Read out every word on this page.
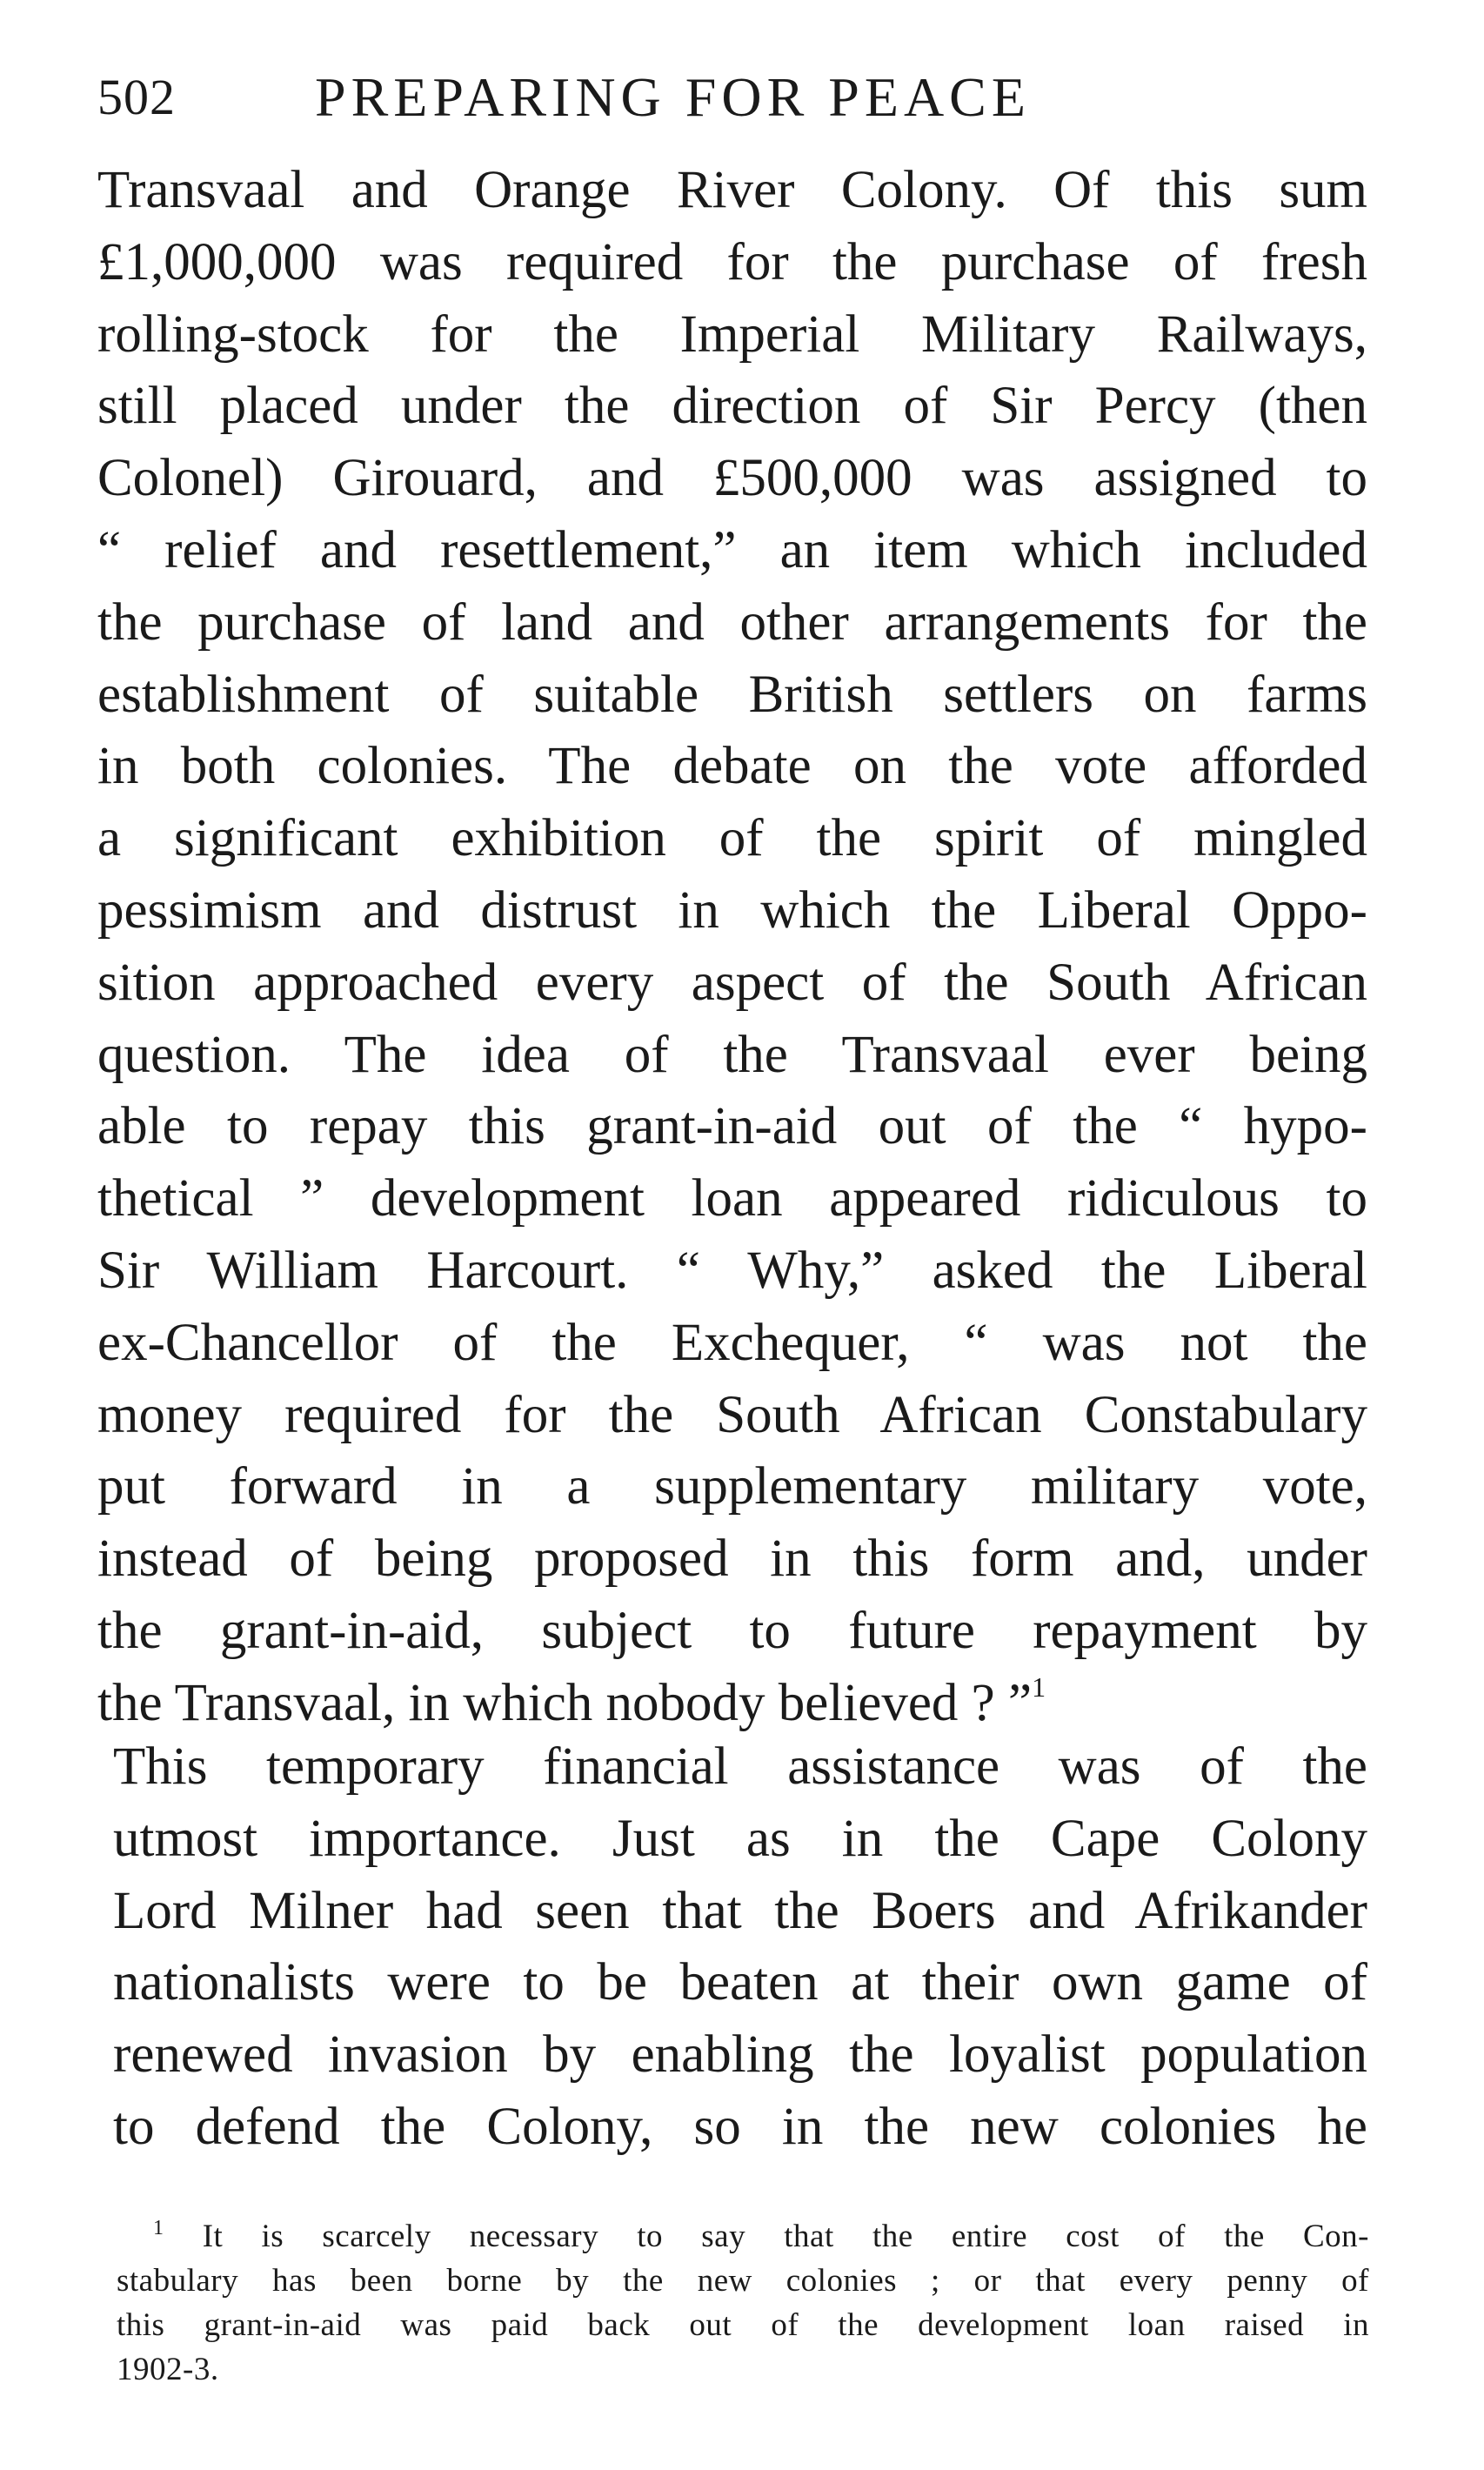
502	PREPARING FOR PEACE
Transvaal and Orange River Colony. Of this sum
£1,000,000 was required for the purchase of fresh
rolling-stock for the Imperial Military Railways,
still placed under the direction of Sir Percy (then
Colonel) Girouard, and £500,000 was assigned to
“ relief and resettlement,” an item which included
the purchase of land and other arrangements for the
establishment of suitable British settlers on farms
in both colonies. The debate on the vote afforded
a significant exhibition of the spirit of mingled
pessimism and distrust in which the Liberal Oppo-
sition approached every aspect of the South African
question. The idea of the Transvaal ever being
able to repay this grant-in-aid out of the “ hypo-
thetical ” development loan appeared ridiculous to
Sir William Harcourt. “ Why,” asked the Liberal
ex-Chancellor of the Exchequer, “ was not the
money required for the South African Constabulary
put forward in a supplementary military vote,
instead of being proposed in this form and, under
the grant-in-aid, subject to future repayment by
the Transvaal, in which nobody believed ? ”$^1$
This temporary financial assistance was of the
utmost importance. Just as in the Cape Colony
Lord Milner had seen that the Boers and Afrikander
nationalists were to be beaten at their own game of
renewed invasion by enabling the loyalist population
to defend the Colony, so in the new colonies he
$^1$ It is scarcely necessary to say that the entire cost of the Con-
stabulary has been borne by the new colonies ; or that every penny of
this grant-in-aid was paid back out of the development loan raised in
1902-3.
